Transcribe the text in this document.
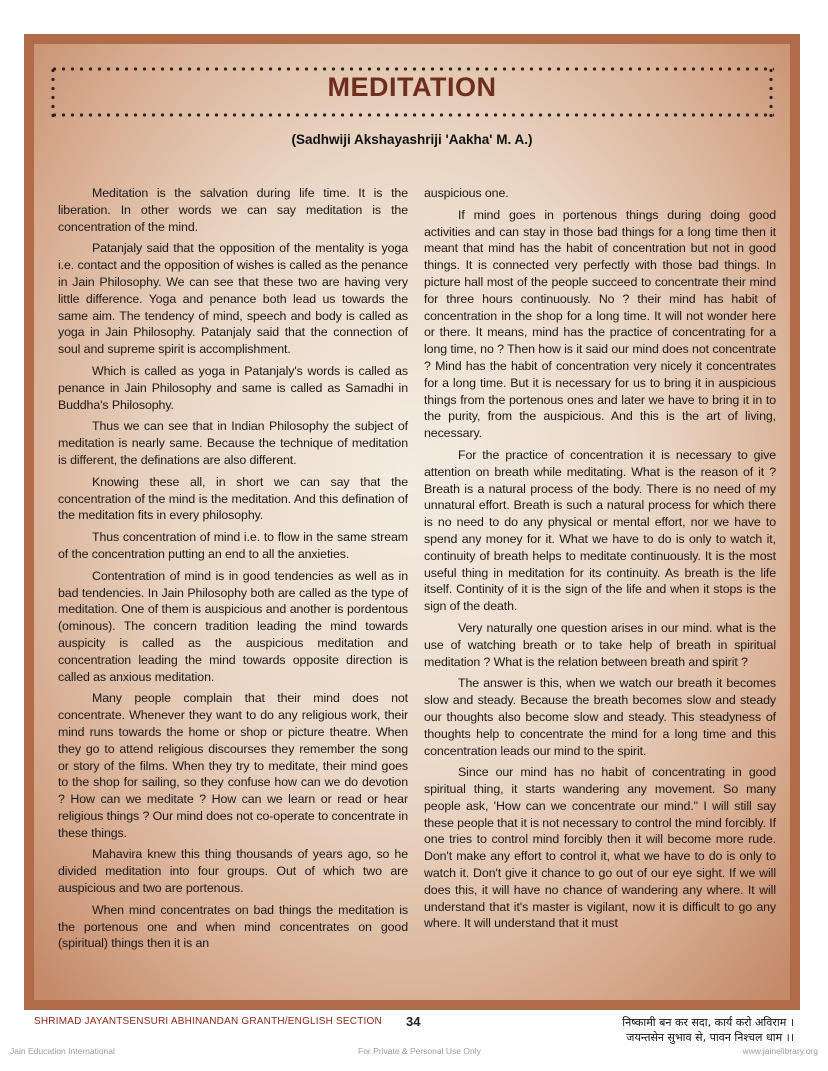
MEDITATION
(Sadhwiji Akshayashriji 'Aakha' M. A.)

Meditation is the salvation during life time. It is the liberation. In other words we can say meditation is the concentration of the mind.

Patanjaly said that the opposition of the mentality is yoga i.e. contact and the opposition of wishes is called as the penance in Jain Philosophy. We can see that these two are having very little difference. Yoga and penance both lead us towards the same aim. The tendency of mind, speech and body is called as yoga in Jain Philosophy. Patanjaly said that the connection of soul and supreme spirit is accomplishment.

Which is called as yoga in Patanjaly's words is called as penance in Jain Philosophy and same is called as Samadhi in Buddha's Philosophy.

Thus we can see that in Indian Philosophy the subject of meditation is nearly same. Because the technique of meditation is different, the definations are also different.

Knowing these all, in short we can say that the concentration of the mind is the meditation. And this defination of the meditation fits in every philosophy.

Thus concentration of mind i.e. to flow in the same stream of the concentration putting an end to all the anxieties.

Contentration of mind is in good tendencies as well as in bad tendencies. In Jain Philosophy both are called as the type of meditation. One of them is auspicious and another is pordentous (ominous). The concern tradition leading the mind towards auspicity is called as the auspicious meditation and concentration leading the mind towards opposite direction is called as anxious meditation.

Many people complain that their mind does not concentrate. Whenever they want to do any religious work, their mind runs towards the home or shop or picture theatre. When they go to attend religious discourses they remember the song or story of the films. When they try to meditate, their mind goes to the shop for sailing, so they confuse how can we do devotion ? How can we meditate ? How can we learn or read or hear religious things ? Our mind does not co-operate to concentrate in these things.

Mahavira knew this thing thousands of years ago, so he divided meditation into four groups. Out of which two are auspicious and two are portenous.

When mind concentrates on bad things the meditation is the portenous one and when mind concentrates on good (spiritual) things then it is an

auspicious one.

If mind goes in portenous things during doing good activities and can stay in those bad things for a long time then it meant that mind has the habit of concentration but not in good things. It is connected very perfectly with those bad things. In picture hall most of the people succeed to concentrate their mind for three hours continuously. No ? their mind has habit of concentration in the shop for a long time. It will not wonder here or there. It means, mind has the practice of concentrating for a long time, no ? Then how is it said our mind does not concentrate ? Mind has the habit of concentration very nicely it concentrates for a long time. But it is necessary for us to bring it in auspicious things from the portenous ones and later we have to bring it in to the purity, from the auspicious. And this is the art of living, necessary.

For the practice of concentration it is necessary to give attention on breath while meditating. What is the reason of it ? Breath is a natural process of the body. There is no need of my unnatural effort. Breath is such a natural process for which there is no need to do any physical or mental effort, nor we have to spend any money for it. What we have to do is only to watch it, continuity of breath helps to meditate continuously. It is the most useful thing in meditation for its continuity. As breath is the life itself. Continity of it is the sign of the life and when it stops is the sign of the death.

Very naturally one question arises in our mind. what is the use of watching breath or to take help of breath in spiritual meditation ? What is the relation between breath and spirit ?

The answer is this, when we watch our breath it becomes slow and steady. Because the breath becomes slow and steady our thoughts also become slow and steady. This steadyness of thoughts help to concentrate the mind for a long time and this concentration leads our mind to the spirit.

Since our mind has no habit of concentrating in good spiritual thing, it starts wandering any movement. So many people ask, 'How can we concentrate our mind." I will still say these people that it is not necessary to control the mind forcibly. If one tries to control mind forcibly then it will become more rude. Don't make any effort to control it, what we have to do is only to watch it. Don't give it chance to go out of our eye sight. If we will does this, it will have no chance of wandering any where. It will understand that it's master is vigilant, now it is difficult to go any where. It will understand that it must

SHRIMAD JAYANTSENSURI ABHINANDAN GRANTH/ENGLISH SECTION 34	निष्कामी बन कर सदा, कार्य करो अविराम ।
जयन्तसेन सुभाव से, पावन निश्चल धाम ।।
Jain Education International	For Private & Personal Use Only	www.jainelibrary.org
